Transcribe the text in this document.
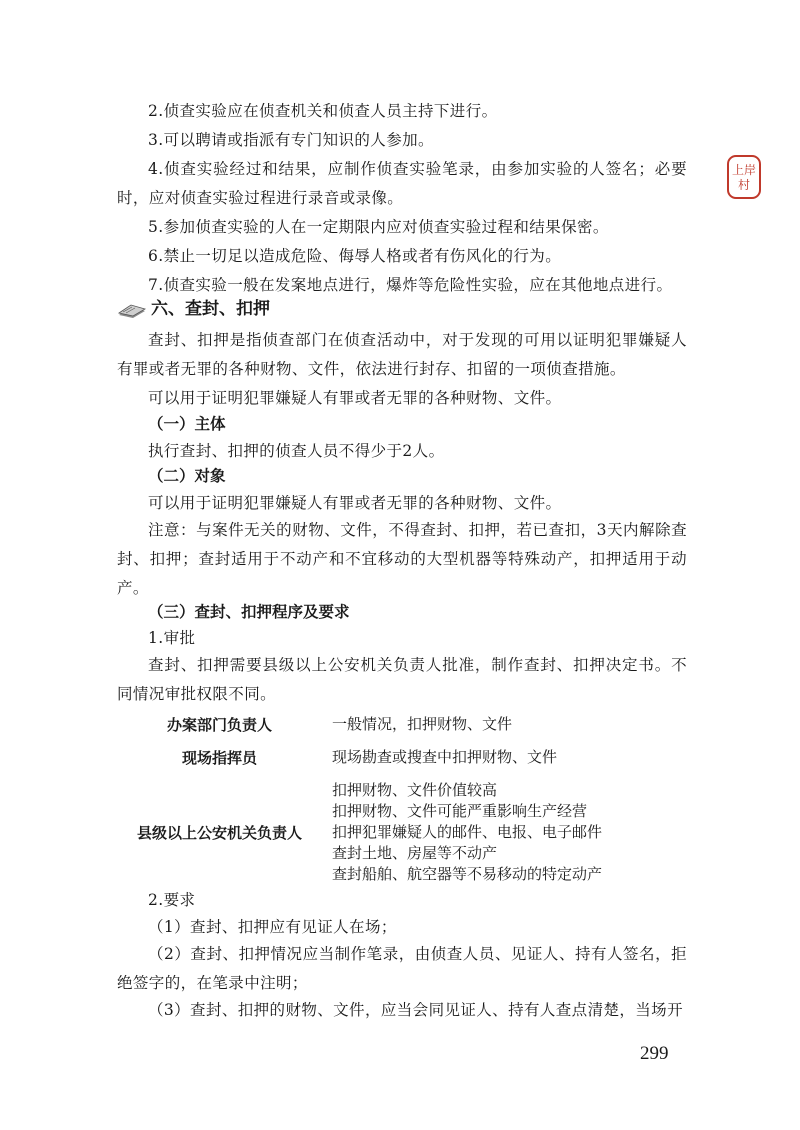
2.侦查实验应在侦查机关和侦查人员主持下进行。

3.可以聘请或指派有专门知识的人参加。

4.侦查实验经过和结果，应制作侦查实验笔录，由参加实验的人签名；必要时，应对侦查实验过程进行录音或录像。

5.参加侦查实验的人在一定期限内应对侦查实验过程和结果保密。

6.禁止一切足以造成危险、侮辱人格或者有伤风化的行为。

7.侦查实验一般在发案地点进行，爆炸等危险性实验，应在其他地点进行。

上岸
村
六、查封、扣押

查封、扣押是指侦查部门在侦查活动中，对于发现的可用以证明犯罪嫌疑人有罪或者无罪的各种财物、文件，依法进行封存、扣留的一项侦查措施。

可以用于证明犯罪嫌疑人有罪或者无罪的各种财物、文件。

（一）主体

执行查封、扣押的侦查人员不得少于2人。

（二）对象

可以用于证明犯罪嫌疑人有罪或者无罪的各种财物、文件。

注意：与案件无关的财物、文件，不得查封、扣押，若已查扣，3天内解除查封、扣押；查封适用于不动产和不宜移动的大型机器等特殊动产，扣押适用于动产。

（三）查封、扣押程序及要求

1.审批

查封、扣押需要县级以上公安机关负责人批准，制作查封、扣押决定书。不同情况审批权限不同。

办案部门负责人	一般情况，扣押财物、文件

现场指挥员	现场勘查或搜查中扣押财物、文件

县级以上公安机关负责人	扣押财物、文件价值较高
扣押财物、文件可能严重影响生产经营
扣押犯罪嫌疑人的邮件、电报、电子邮件
查封土地、房屋等不动产
查封船舶、航空器等不易移动的特定动产

2.要求

（1）查封、扣押应有见证人在场；

（2）查封、扣押情况应当制作笔录，由侦查人员、见证人、持有人签名，拒绝签字的，在笔录中注明；

（3）查封、扣押的财物、文件，应当会同见证人、持有人查点清楚，当场开

299
